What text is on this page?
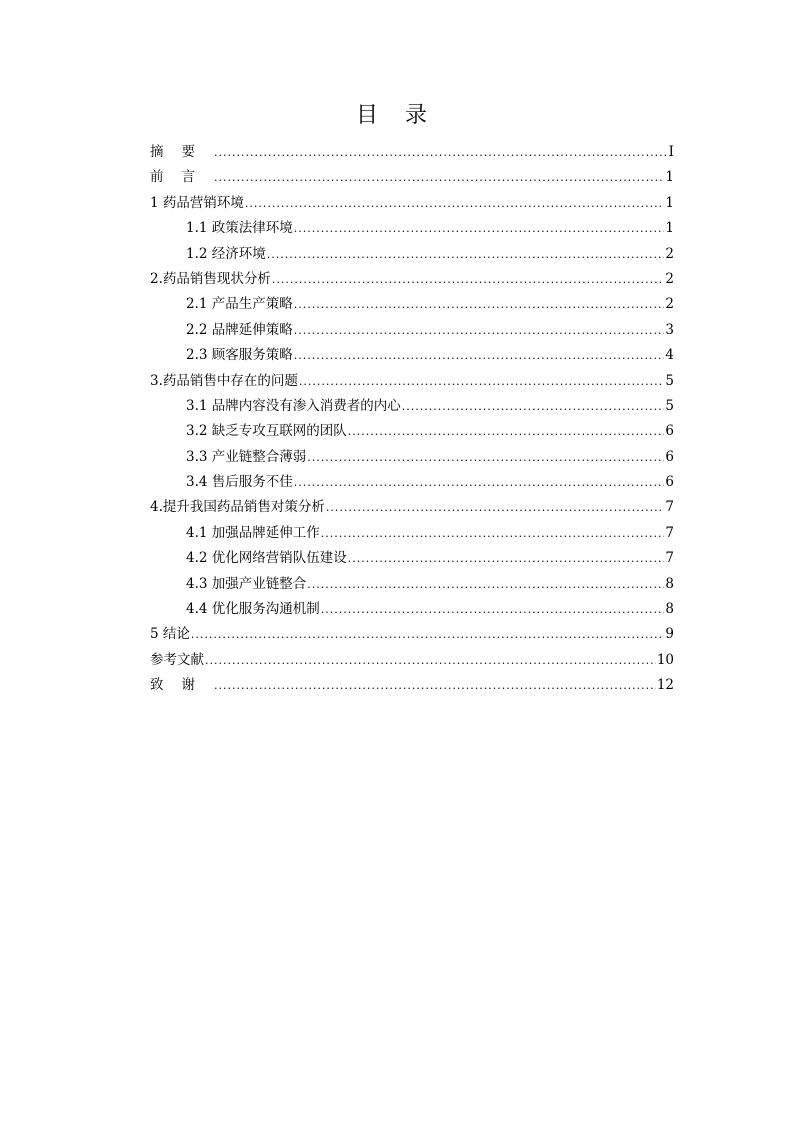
目 录
摘要 .....	I
前言 .....	1
1 药品营销环境 .....	1
1.1 政策法律环境 .....	1
1.2 经济环境 .....	2
2.药品销售现状分析 .....	2
2.1 产品生产策略 .....	2
2.2 品牌延伸策略 .....	3
2.3 顾客服务策略 .....	4
3.药品销售中存在的问题 .....	5
3.1 品牌内容没有渗入消费者的内心 .....	5
3.2 缺乏专攻互联网的团队 .....	6
3.3 产业链整合薄弱 .....	6
3.4 售后服务不佳 .....	6
4.提升我国药品销售对策分析 .....	7
4.1 加强品牌延伸工作 .....	7
4.2 优化网络营销队伍建设 .....	7
4.3 加强产业链整合 .....	8
4.4 优化服务沟通机制 .....	8
5 结论 .....	9
参考文献 .....	10
致谢 .....	12
